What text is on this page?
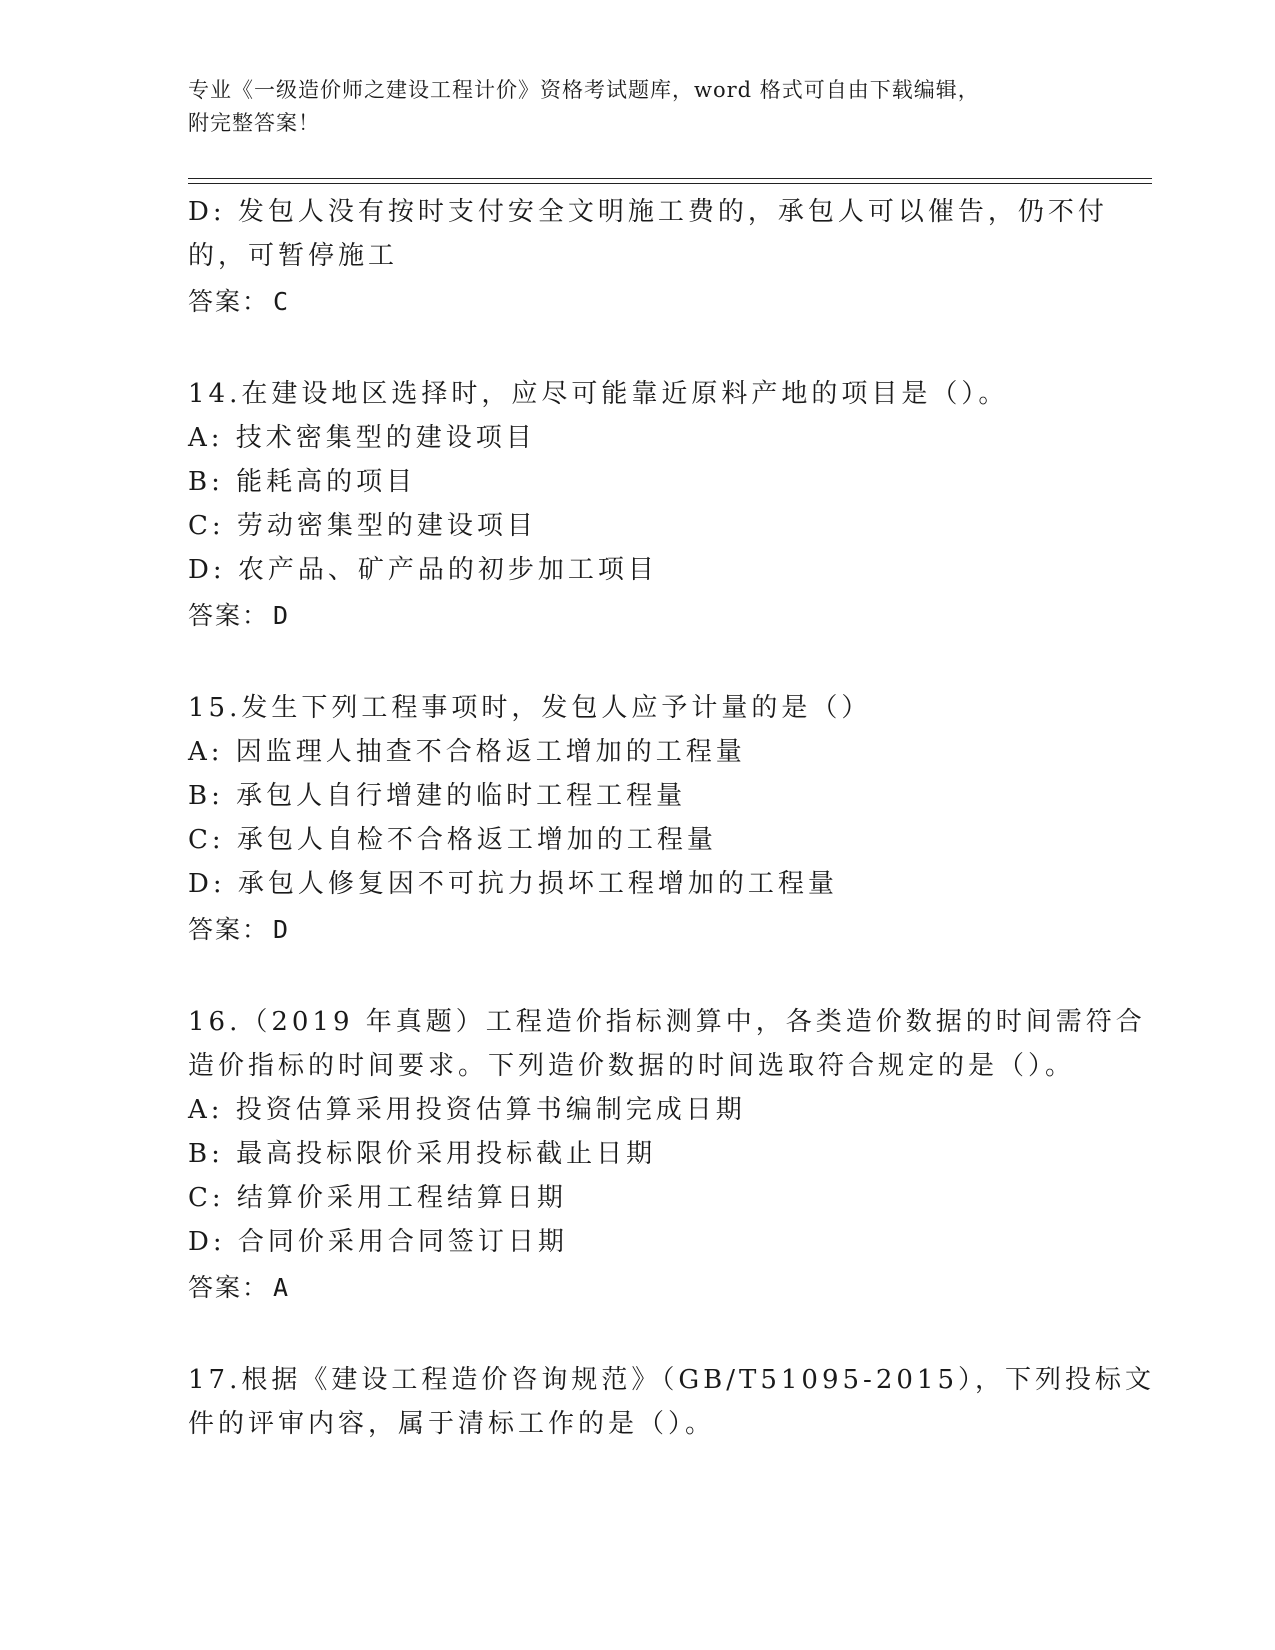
专业《一级造价师之建设工程计价》资格考试题库，word 格式可自由下载编辑，
附完整答案！
D: 发包人没有按时支付安全文明施工费的，承包人可以催告，仍不付
的，可暂停施工
答案： C
14.在建设地区选择时，应尽可能靠近原料产地的项目是（）。
A: 技术密集型的建设项目
B: 能耗高的项目
C: 劳动密集型的建设项目
D: 农产品、矿产品的初步加工项目
答案： D
15.发生下列工程事项时，发包人应予计量的是（）
A: 因监理人抽查不合格返工增加的工程量
B: 承包人自行增建的临时工程工程量
C: 承包人自检不合格返工增加的工程量
D: 承包人修复因不可抗力损坏工程增加的工程量
答案： D
16.（2019 年真题）工程造价指标测算中，各类造价数据的时间需符合
造价指标的时间要求。下列造价数据的时间选取符合规定的是（）。
A: 投资估算采用投资估算书编制完成日期
B: 最高投标限价采用投标截止日期
C: 结算价采用工程结算日期
D: 合同价采用合同签订日期
答案： A
17.根据《建设工程造价咨询规范》（GB/T51095-2015），下列投标文
件的评审内容，属于清标工作的是（）。
